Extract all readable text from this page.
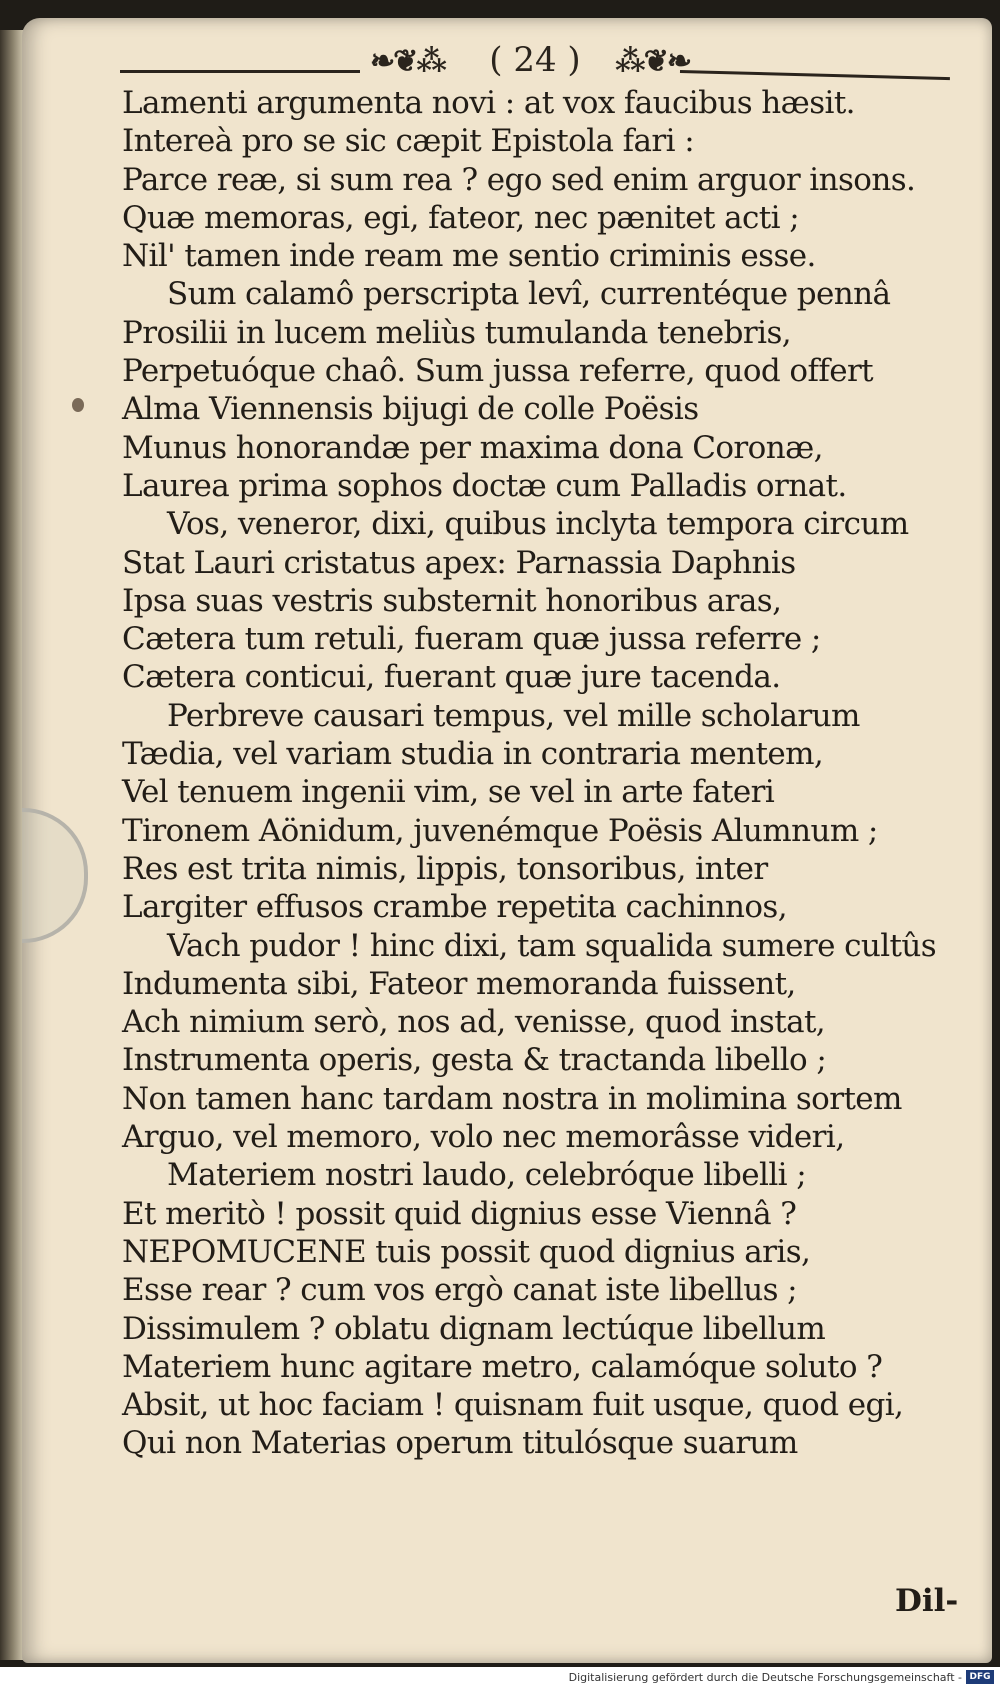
❧❦⁂	( 24 )	⁂❦❧
Lamenti argumenta novi : at vox faucibus hæsit.
Intereà pro se sic cæpit Epistola fari :
Parce reæ, si sum rea ? ego sed enim arguor insons.
Quæ memoras, egi, fateor, nec pænitet acti ;
Nil' tamen inde ream me sentio criminis esse.
Sum calamô perscripta levî, currentéque pennâ
Prosilii in lucem meliùs tumulanda tenebris,
Perpetuóque chaô. Sum jussa referre, quod offert
Alma Viennensis bijugi de colle Poësis
Munus honorandæ per maxima dona Coronæ,
Laurea prima sophos doctæ cum Palladis ornat.
Vos, veneror, dixi, quibus inclyta tempora circum
Stat Lauri cristatus apex: Parnassia Daphnis
Ipsa suas vestris substernit honoribus aras,
Cætera tum retuli, fueram quæ jussa referre ;
Cætera conticui, fuerant quæ jure tacenda.
Perbreve causari tempus, vel mille scholarum
Tædia, vel variam studia in contraria mentem,
Vel tenuem ingenii vim, se vel in arte fateri
Tironem Aönidum, juvenémque Poësis Alumnum ;
Res est trita nimis, lippis, tonsoribus, inter
Largiter effusos crambe repetita cachinnos,
Vach pudor ! hinc dixi, tam squalida sumere cultûs
Indumenta sibi, Fateor memoranda fuissent,
Ach nimium serò, nos ad, venisse, quod instat,
Instrumenta operis, gesta & tractanda libello ;
Non tamen hanc tardam nostra in molimina sortem
Arguo, vel memoro, volo nec memorâsse videri,
Materiem nostri laudo, celebróque libelli ;
Et meritò ! possit quid dignius esse Viennâ ?
NEPOMUCENE tuis possit quod dignius aris,
Esse rear ? cum vos ergò canat iste libellus ;
Dissimulem ? oblatu dignam lectúque libellum
Materiem hunc agitare metro, calamóque soluto ?
Absit, ut hoc faciam ! quisnam fuit usque, quod egi,
Qui non Materias operum titulósque suarum
Dil-
Digitalisierung gefördert durch die Deutsche Forschungsgemeinschaft - DFG
